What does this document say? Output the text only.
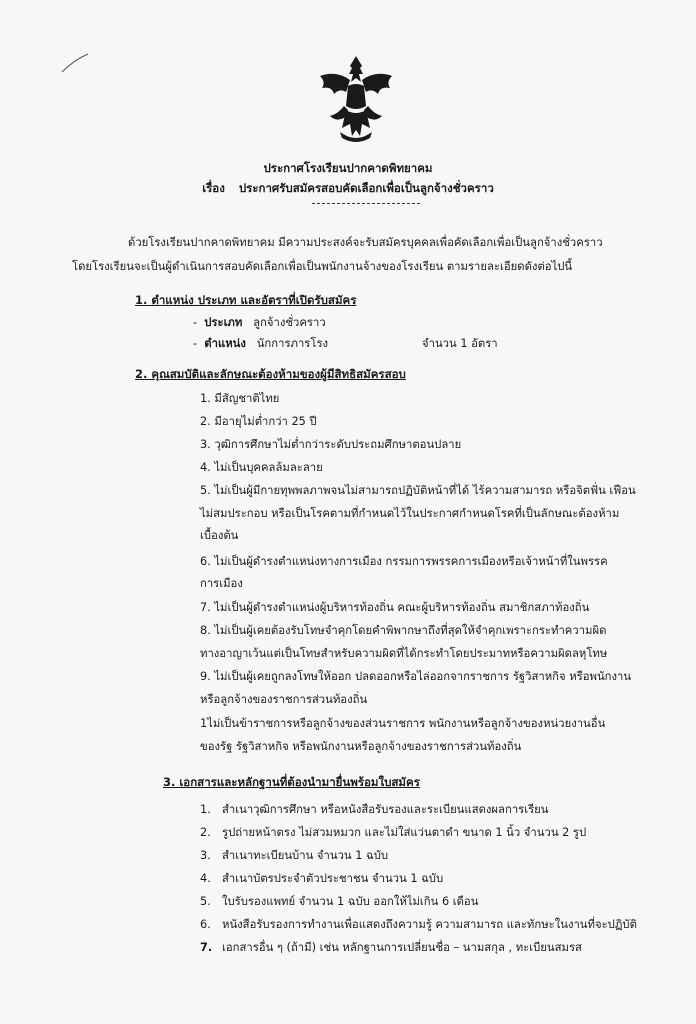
ประกาศโรงเรียนปากคาดพิทยาคม
เรื่อง ประกาศรับสมัครสอบคัดเลือกเพื่อเป็นลูกจ้างชั่วคราว
ด้วยโรงเรียนปากคาดพิทยาคม มีความประสงค์จะรับสมัครบุคคลเพื่อคัดเลือกเพื่อเป็นลูกจ้างชั่วคราว
โดยโรงเรียนจะเป็นผู้ดำเนินการสอบคัดเลือกเพื่อเป็นพนักงานจ้างของโรงเรียน ตามรายละเอียดดังต่อไปนี้
1. ตำแหน่ง ประเภท และอัตราที่เปิดรับสมัคร
-  ประเภท ลูกจ้างชั่วคราว
-  ตำแหน่ง นักการภารโรง	จำนวน 1 อัตรา
2. คุณสมบัติและลักษณะต้องห้ามของผู้มีสิทธิสมัครสอบ
1. มีสัญชาติไทย
2. มีอายุไม่ต่ำกว่า 25 ปี
3. วุฒิการศึกษาไม่ต่ำกว่าระดับประถมศึกษาตอนปลาย
4. ไม่เป็นบุคคลล้มละลาย
5. ไม่เป็นผู้มีกายทุพพลภาพจนไม่สามารถปฏิบัติหน้าที่ได้ ไร้ความสามารถ หรือจิตฟั่น เฟือน
ไม่สมประกอบ หรือเป็นโรคตามที่กำหนดไว้ในประกาศกำหนดโรคที่เป็นลักษณะต้องห้าม
เบื้องต้น
6. ไม่เป็นผู้ดำรงตำแหน่งทางการเมือง กรรมการพรรคการเมืองหรือเจ้าหน้าที่ในพรรค
การเมือง
7. ไม่เป็นผู้ดำรงตำแหน่งผู้บริหารท้องถิ่น คณะผู้บริหารท้องถิ่น สมาชิกสภาท้องถิ่น
8. ไม่เป็นผู้เคยต้องรับโทษจำคุกโดยคำพิพากษาถึงที่สุดให้จำคุกเพราะกระทำความผิด
ทางอาญาเว้นแต่เป็นโทษสำหรับความผิดที่ได้กระทำโดยประมาทหรือความผิดลหุโทษ
9. ไม่เป็นผู้เคยถูกลงโทษให้ออก ปลดออกหรือไล่ออกจากราชการ รัฐวิสาหกิจ หรือพนักงาน
หรือลูกจ้างของราชการส่วนท้องถิ่น
1ไม่เป็นข้าราชการหรือลูกจ้างของส่วนราชการ พนักงานหรือลูกจ้างของหน่วยงานอื่น
ของรัฐ รัฐวิสาหกิจ หรือพนักงานหรือลูกจ้างของราชการส่วนท้องถิ่น
3. เอกสารและหลักฐานที่ต้องนำมายื่นพร้อมใบสมัคร
1. สำเนาวุฒิการศึกษา หรือหนังสือรับรองและระเบียนแสดงผลการเรียน
2. รูปถ่ายหน้าตรง ไม่สวมหมวก และไม่ใส่แว่นตาดำ ขนาด 1 นิ้ว จำนวน 2 รูป
3. สำเนาทะเบียนบ้าน จำนวน 1 ฉบับ
4. สำเนาบัตรประจำตัวประชาชน จำนวน 1 ฉบับ
5. ใบรับรองแพทย์ จำนวน 1 ฉบับ ออกให้ไม่เกิน 6 เดือน
6. หนังสือรับรองการทำงานเพื่อแสดงถึงความรู้ ความสามารถ และทักษะในงานที่จะปฏิบัติ
7. เอกสารอื่น ๆ (ถ้ามี) เช่น หลักฐานการเปลี่ยนชื่อ – นามสกุล , ทะเบียนสมรส
